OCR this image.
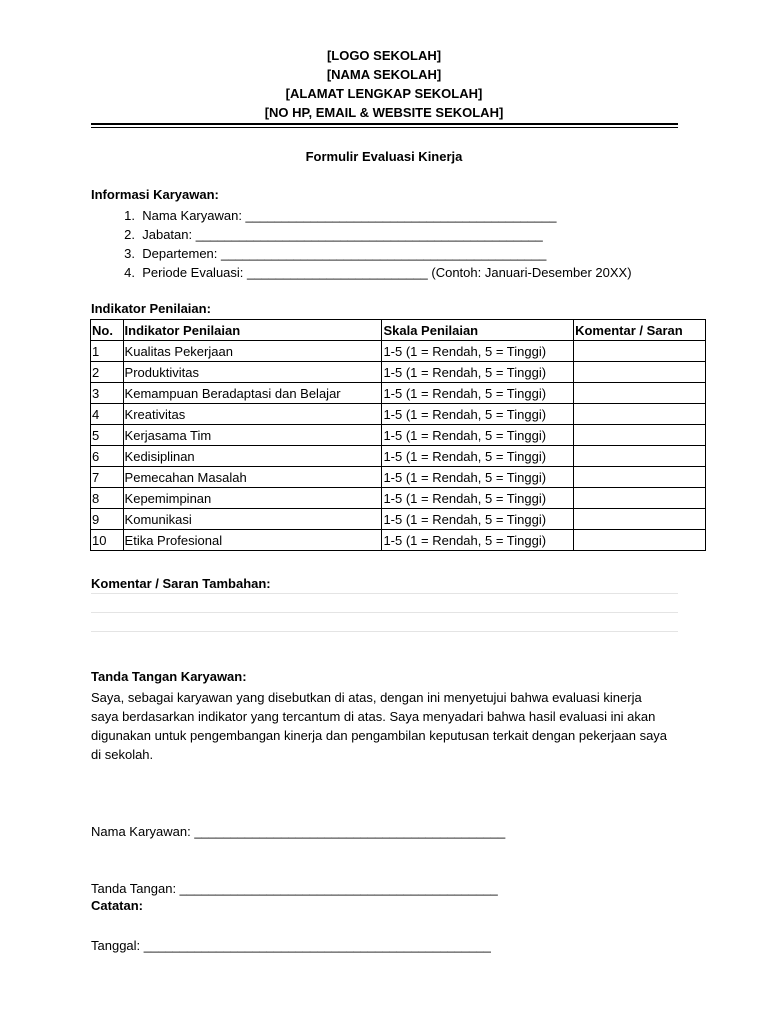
[LOGO SEKOLAH]
[NAMA SEKOLAH]
[ALAMAT LENGKAP SEKOLAH]
[NO HP, EMAIL & WEBSITE SEKOLAH]
Formulir Evaluasi Kinerja
Informasi Karyawan:
1. Nama Karyawan: ___________________________________________
2. Jabatan: ________________________________________________
3. Departemen: _____________________________________________
4. Periode Evaluasi: _________________________ (Contoh: Januari-Desember 20XX)
Indikator Penilaian:
No.	Indikator Penilaian	Skala Penilaian	Komentar / Saran
1	Kualitas Pekerjaan	1-5 (1 = Rendah, 5 = Tinggi)	
2	Produktivitas	1-5 (1 = Rendah, 5 = Tinggi)	
3	Kemampuan Beradaptasi dan Belajar	1-5 (1 = Rendah, 5 = Tinggi)	
4	Kreativitas	1-5 (1 = Rendah, 5 = Tinggi)	
5	Kerjasama Tim	1-5 (1 = Rendah, 5 = Tinggi)	
6	Kedisiplinan	1-5 (1 = Rendah, 5 = Tinggi)	
7	Pemecahan Masalah	1-5 (1 = Rendah, 5 = Tinggi)	
8	Kepemimpinan	1-5 (1 = Rendah, 5 = Tinggi)	
9	Komunikasi	1-5 (1 = Rendah, 5 = Tinggi)	
10	Etika Profesional	1-5 (1 = Rendah, 5 = Tinggi)	
Komentar / Saran Tambahan:
Tanda Tangan Karyawan:
Saya, sebagai karyawan yang disebutkan di atas, dengan ini menyetujui bahwa evaluasi kinerja saya berdasarkan indikator yang tercantum di atas. Saya menyadari bahwa hasil evaluasi ini akan digunakan untuk pengembangan kinerja dan pengambilan keputusan terkait dengan pekerjaan saya di sekolah.

Nama Karyawan: ___________________________________________

Tanda Tangan: ____________________________________________

Tanggal: ________________________________________________

Catatan:
